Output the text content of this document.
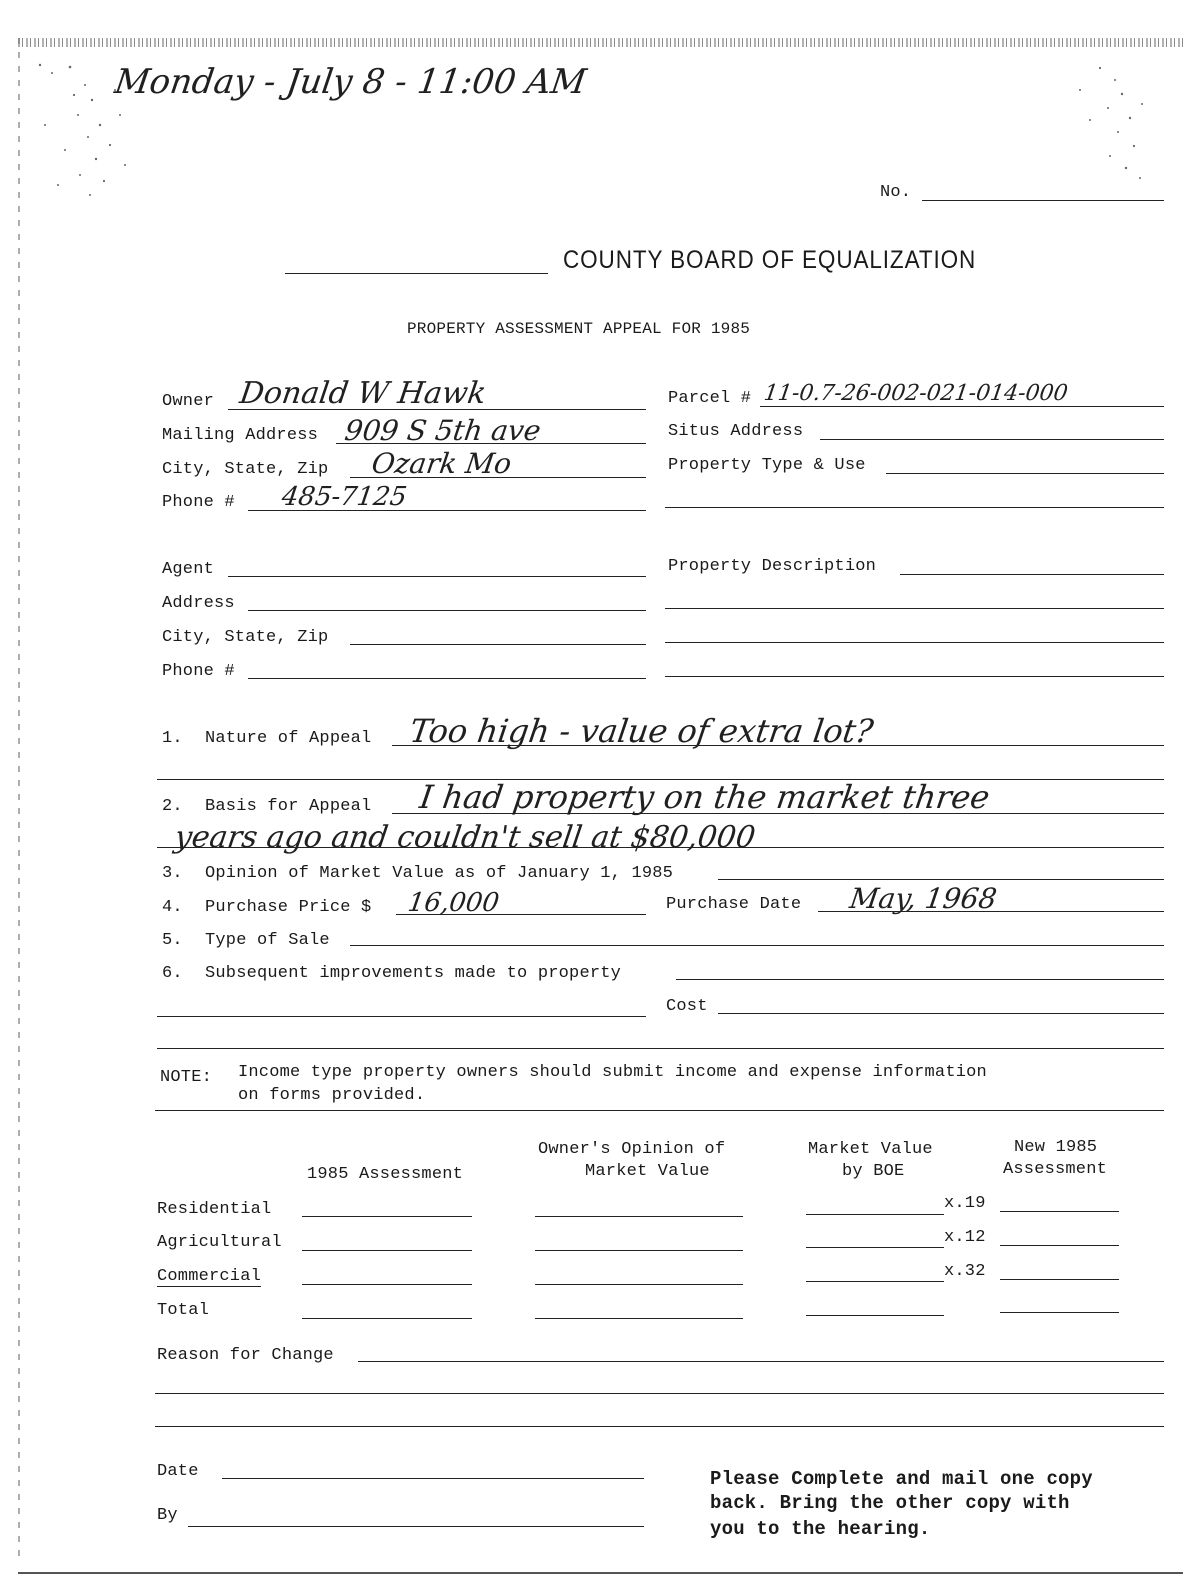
Monday - July 8 - 11:00 AM
No.
COUNTY BOARD OF EQUALIZATION
PROPERTY ASSESSMENT APPEAL FOR 1985
Owner Donald W Hawk
Mailing Address 909 S 5th ave
City, State, Zip Ozark Mo
Phone # 485-7125
Parcel # 11-0.7-26-002-021-014-000
Situs Address
Property Type & Use
Agent
Address
City, State, Zip
Phone #
Property Description
1. Nature of Appeal Too high - value of extra lot?
2. Basis for Appeal I had property on the market three
years ago and couldn't sell at $80,000
3. Opinion of Market Value as of January 1, 1985
4. Purchase Price $ 16,000	Purchase Date May, 1968
5. Type of Sale
6. Subsequent improvements made to property
Cost
NOTE: Income type property owners should submit income and expense information
on forms provided.
Owner's Opinion of
Market Value
Market Value
by BOE
New 1985
Assessment
1985 Assessment
Residential	x.19
Agricultural	x.12
Commercial	x.32
Total
Reason for Change
Date
By
Please Complete and mail one copy
back. Bring the other copy with
you to the hearing.
